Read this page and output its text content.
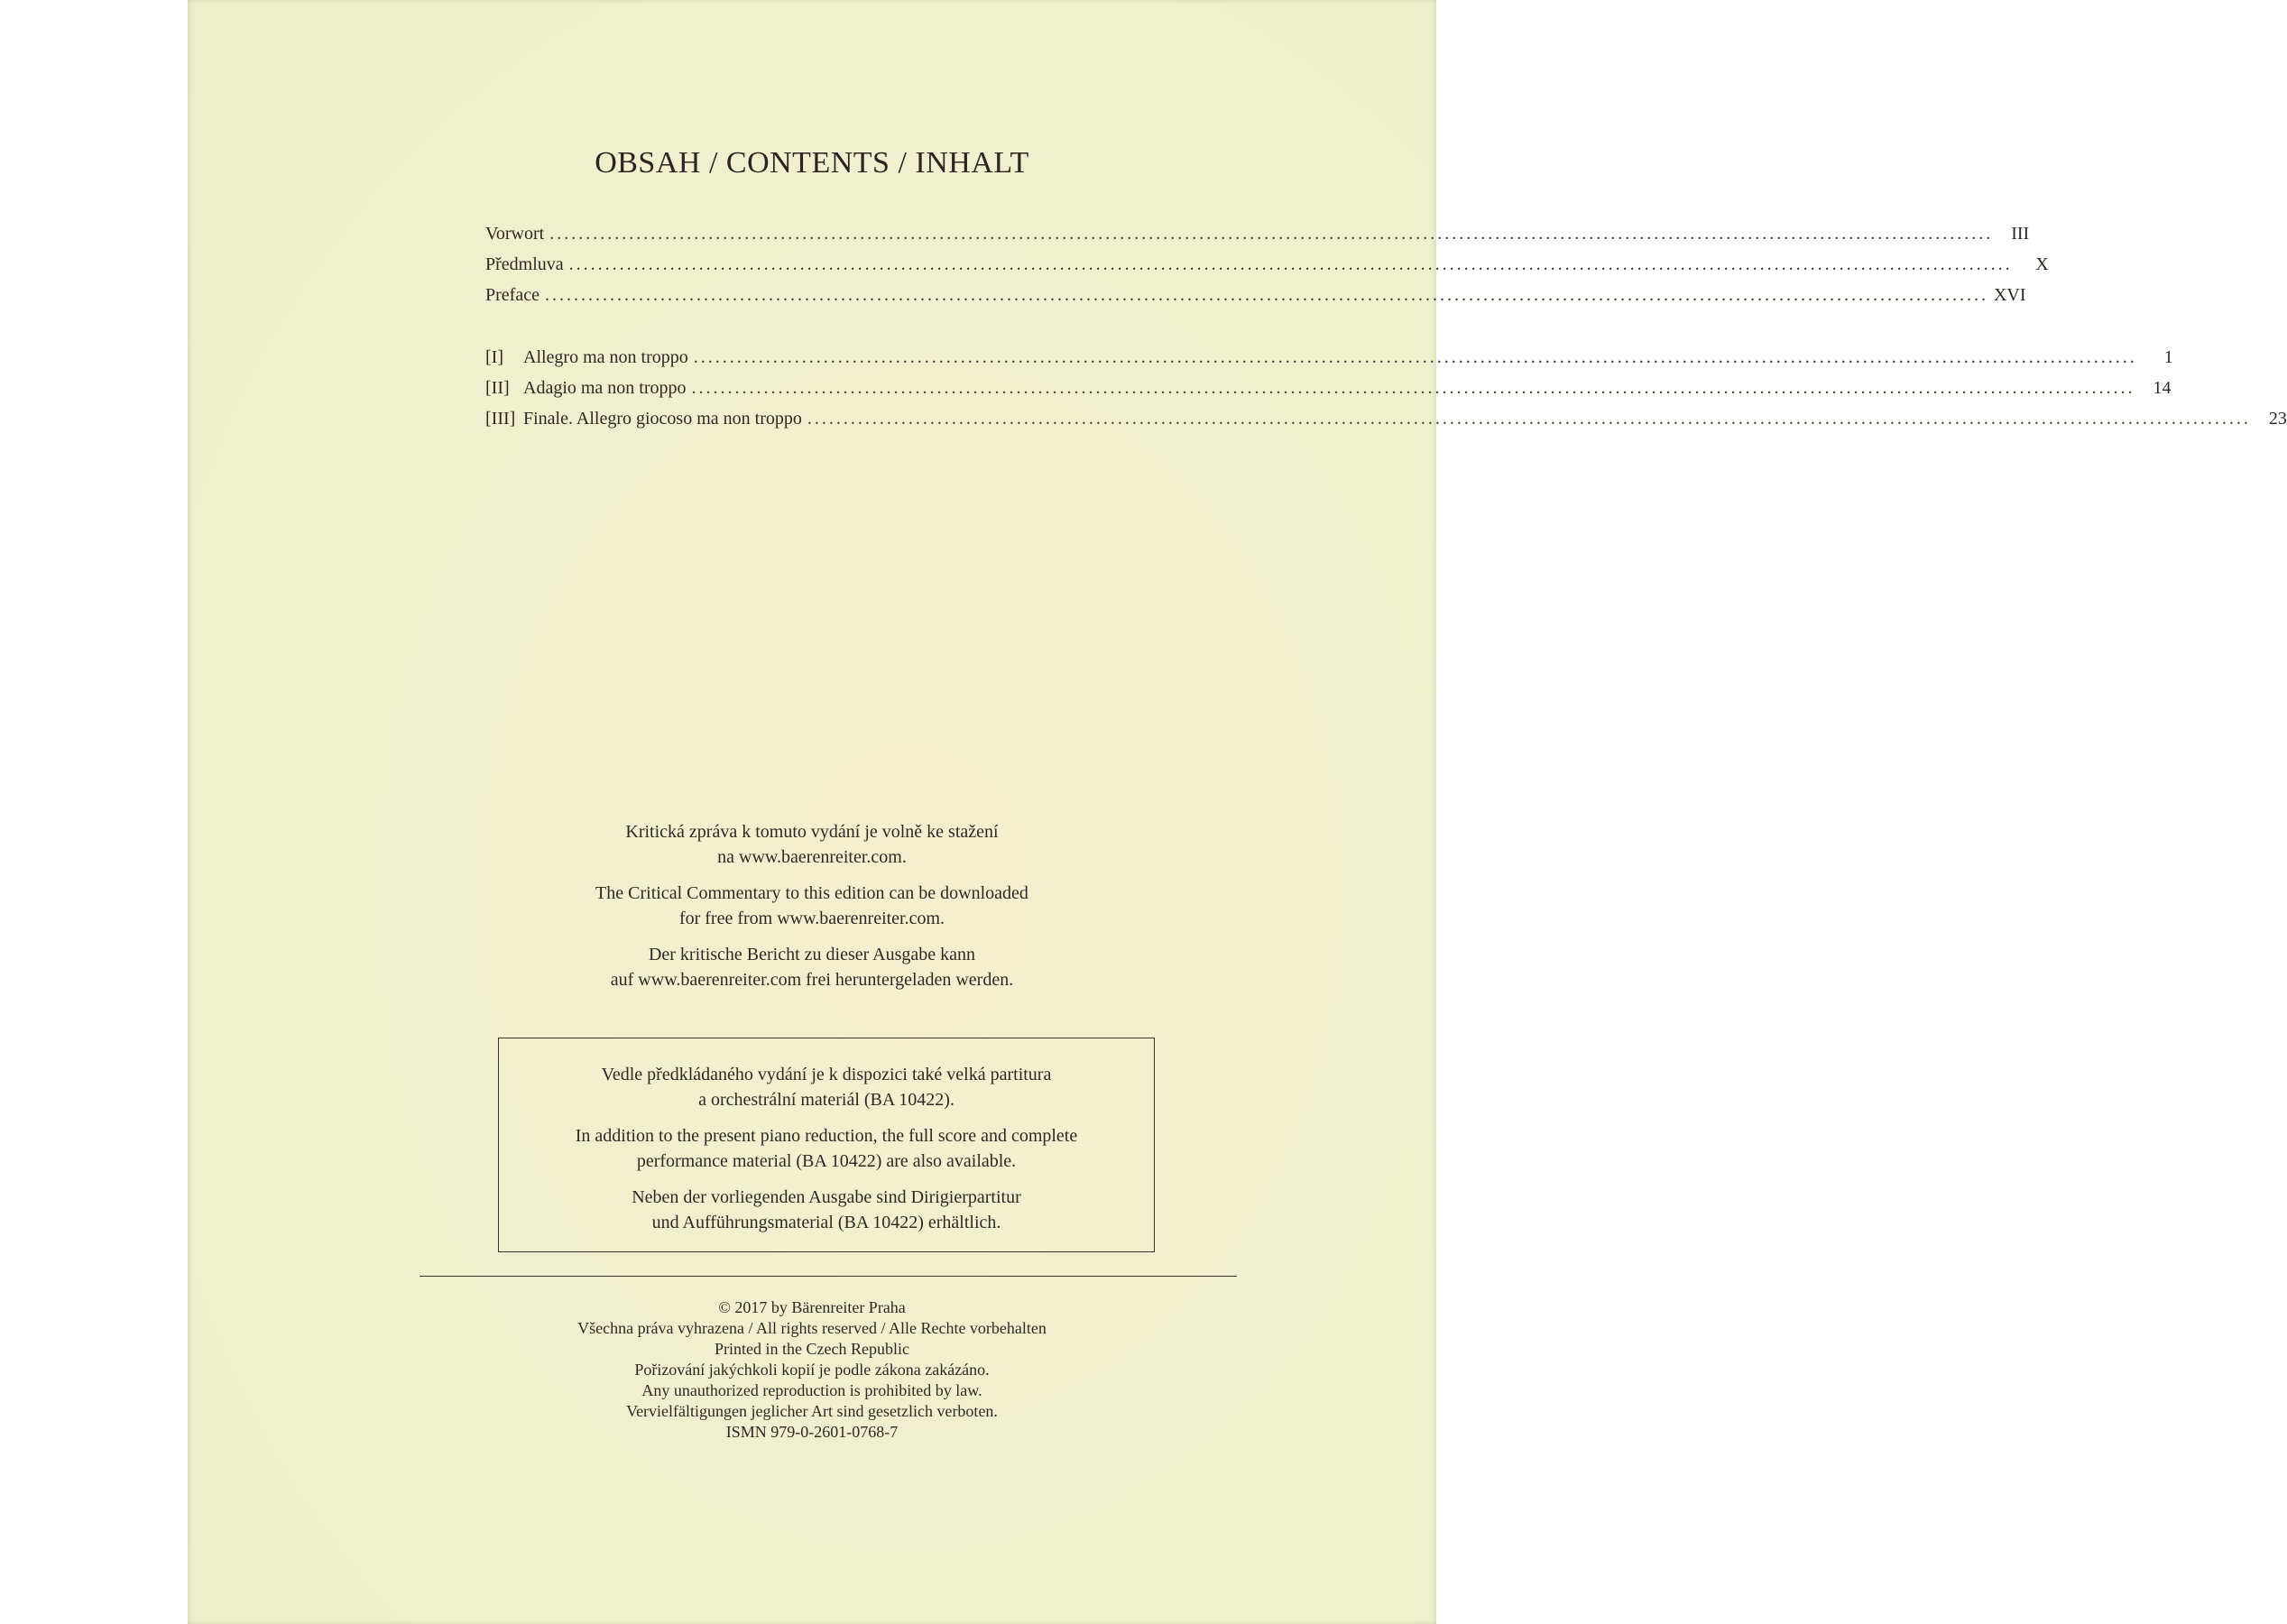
OBSAH / CONTENTS / INHALT
Vorwort ........................................................................................................................................................................................................	III
Předmluva ........................................................................................................................................................................................................	X
Preface ........................................................................................................................................................................................................ XVI
[I] Allegro ma non troppo ........................................................................................................................................................................................................	1
[II] Adagio ma non troppo ........................................................................................................................................................................................................	14
[III] Finale. Allegro giocoso ma non troppo ........................................................................................................................................................................................................	23

Kritická zpráva k tomuto vydání je volně ke stažení
na www.baerenreiter.com.

The Critical Commentary to this edition can be downloaded
for free from www.baerenreiter.com.

Der kritische Bericht zu dieser Ausgabe kann
auf www.baerenreiter.com frei heruntergeladen werden.

Vedle předkládaného vydání je k dispozici také velká partitura
a orchestrální materiál (BA 10422).

In addition to the present piano reduction, the full score and complete
performance material (BA 10422) are also available.

Neben der vorliegenden Ausgabe sind Dirigierpartitur
und Aufführungsmaterial (BA 10422) erhältlich.

© 2017 by Bärenreiter Praha
Všechna práva vyhrazena / All rights reserved / Alle Rechte vorbehalten
Printed in the Czech Republic
Pořizování jakýchkoli kopií je podle zákona zakázáno.
Any unauthorized reproduction is prohibited by law.
Vervielfältigungen jeglicher Art sind gesetzlich verboten.
ISMN 979-0-2601-0768-7
